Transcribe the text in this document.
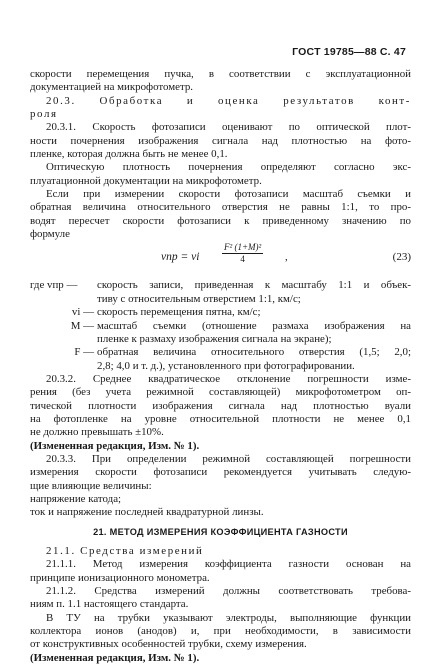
ГОСТ 19785—88 С. 47
скорости перемещения пучка, в соответствии с эксплуатационной
документацией на микрофотометр.
20.3. Обработка и оценка результатов конт-
роля
20.3.1. Скорость фотозаписи оценивают по оптической плот-
ности почернения изображения сигнала над плотностью на фото-
пленке, которая должна быть не менее 0,1.
Оптическую плотность почернения определяют согласно экс-
плуатационной документации на микрофотометр.
Если при измерении скорости фотозаписи масштаб съемки и
обратная величина относительного отверстия не равны 1:1, то про-
водят пересчет скорости фотозаписи к приведенному значению по
формуле
vпр = vi	$\frac{\text{F² (1+M)²}}{4}$ ,	(23)
где vпр —	скорость записи, приведенная к масштабу 1:1 и объек-
тиву с относительным отверстием 1:1, км/с;
vi — скорость перемещения пятна, км/с;
M — масштаб съемки (отношение размаха изображения на
пленке к размаху изображения сигнала на экране);
F — обратная величина относительного отверстия (1,5; 2,0;
2,8; 4,0 и т. д.), установленного при фотографировании.
20.3.2. Среднее квадратическое отклонение погрешности изме-
рения (без учета режимной составляющей) микрофотометром оп-
тической плотности изображения сигнала над плотностью вуали
на фотопленке на уровне относительной плотности не менее 0,1
не должно превышать ±10%.
(Измененная редакция, Изм. № 1).
20.3.3. При определении режимной составляющей погрешности
измерения скорости фотозаписи рекомендуется учитывать следую-
щие влияющие величины:
напряжение катода;
ток и напряжение последней квадратурной линзы.
21. МЕТОД ИЗМЕРЕНИЯ КОЭФФИЦИЕНТА ГАЗНОСТИ
21.1. Средства измерений
21.1.1. Метод измерения коэффициента газности основан на
принципе ионизационного монометра.
21.1.2. Средства измерений должны соответствовать требова-
ниям п. 1.1 настоящего стандарта.
В ТУ на трубки указывают электроды, выполняющие функции
коллектора ионов (анодов) и, при необходимости, в зависимости
от конструктивных особенностей трубки, схему измерения.
(Измененная редакция, Изм. № 1).
